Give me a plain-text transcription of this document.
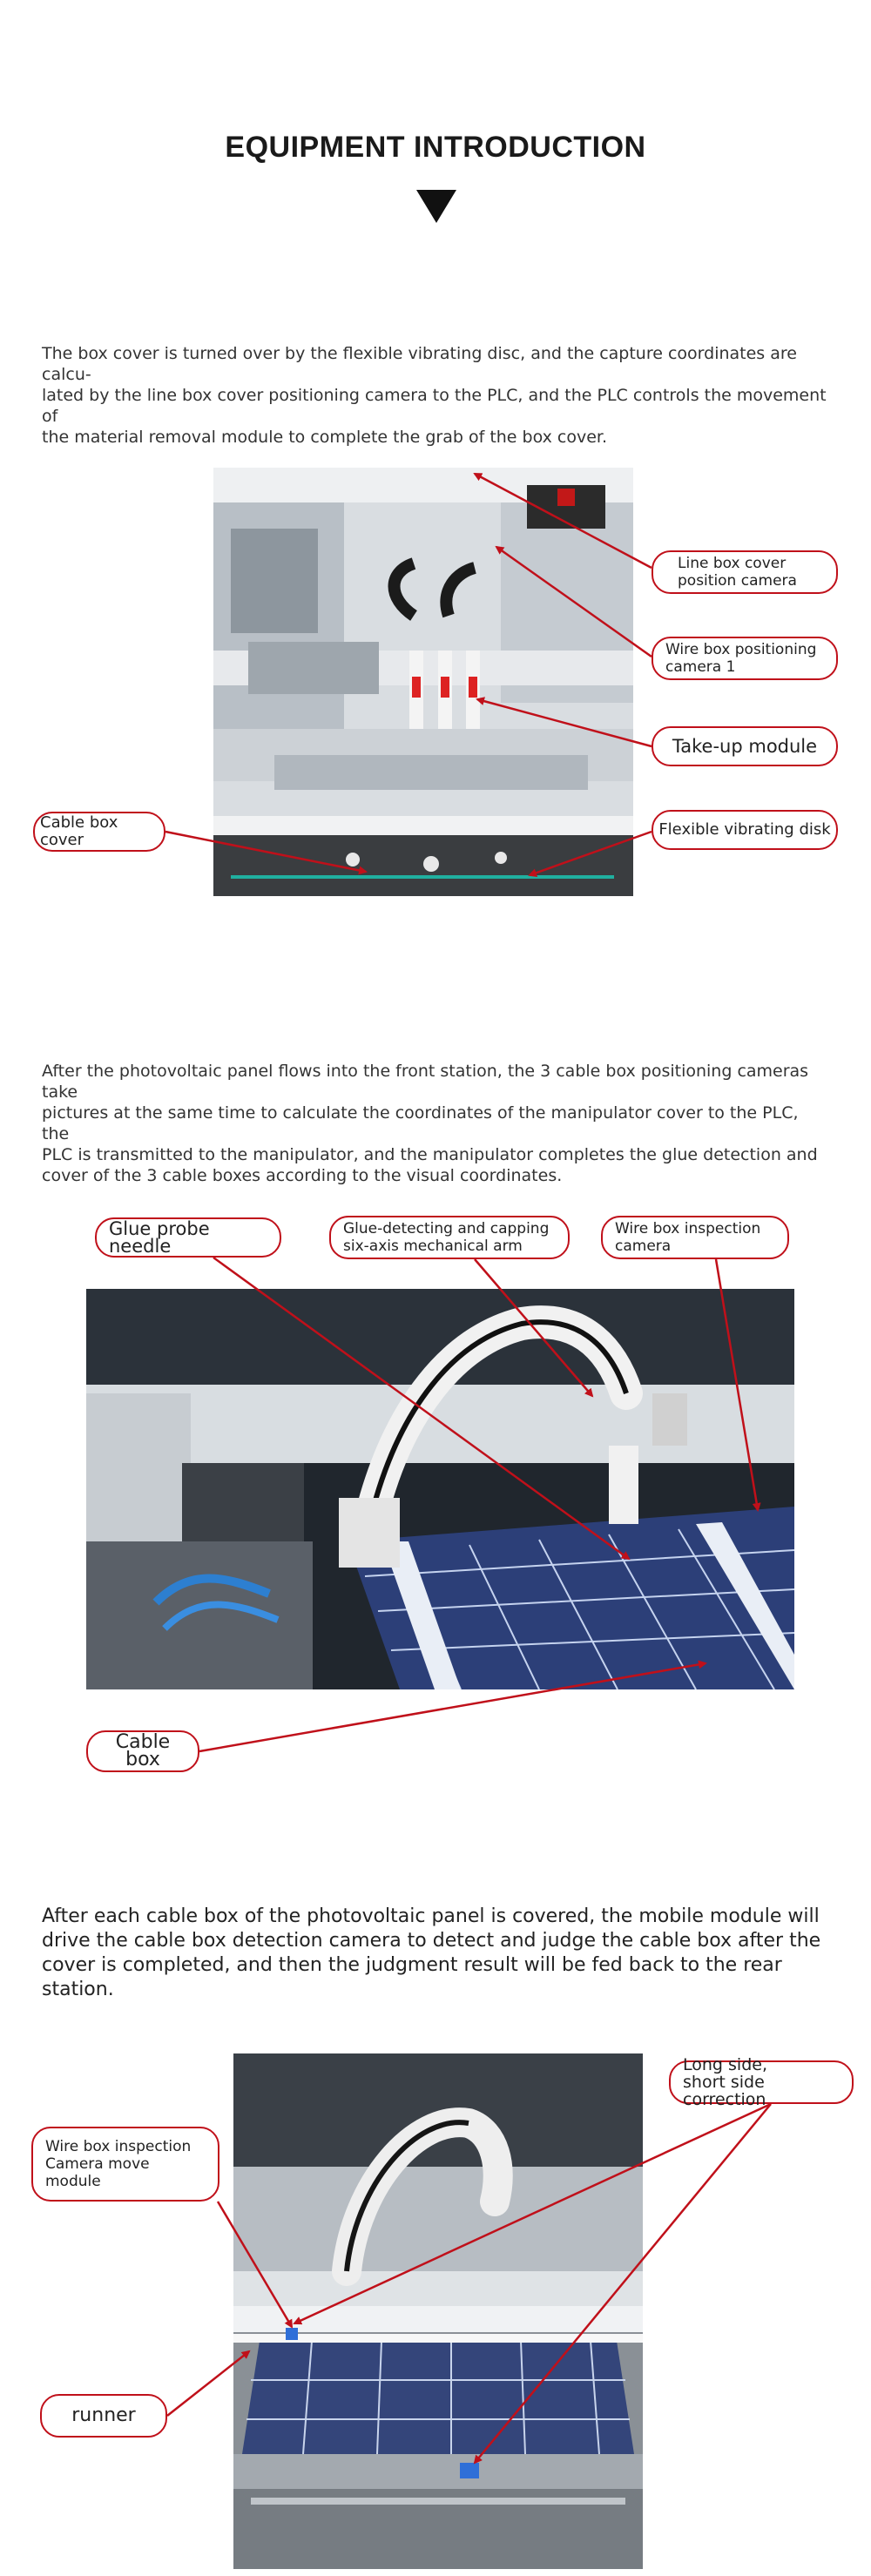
EQUIPMENT INTRODUCTION
The box cover is turned over by the flexible vibrating disc, and the capture coordinates are calcu-
lated by the line box cover positioning camera to the PLC, and the PLC controls the movement of
the material removal module to complete the grab of the box cover.
Line box cover
position camera
Wire box positioning
camera 1
Take-up module
Cable box cover
Flexible vibrating disk
After the photovoltaic panel flows into the front station, the 3 cable box positioning cameras take
pictures at the same time to calculate the coordinates of the manipulator cover to the PLC, the
PLC is transmitted to the manipulator, and the manipulator completes the glue detection and
cover of the 3 cable boxes according to the visual coordinates.
Glue probe needle
Glue-detecting and capping
six-axis mechanical arm
Wire box inspection
camera
Cable box
After each cable box of the photovoltaic panel is covered, the mobile module will
drive the cable box detection camera to detect and judge the cable box after the
cover is completed, and then the judgment result will be fed back to the rear station.
Long side,
short side correction
Wire box inspection
Camera move module
runner
